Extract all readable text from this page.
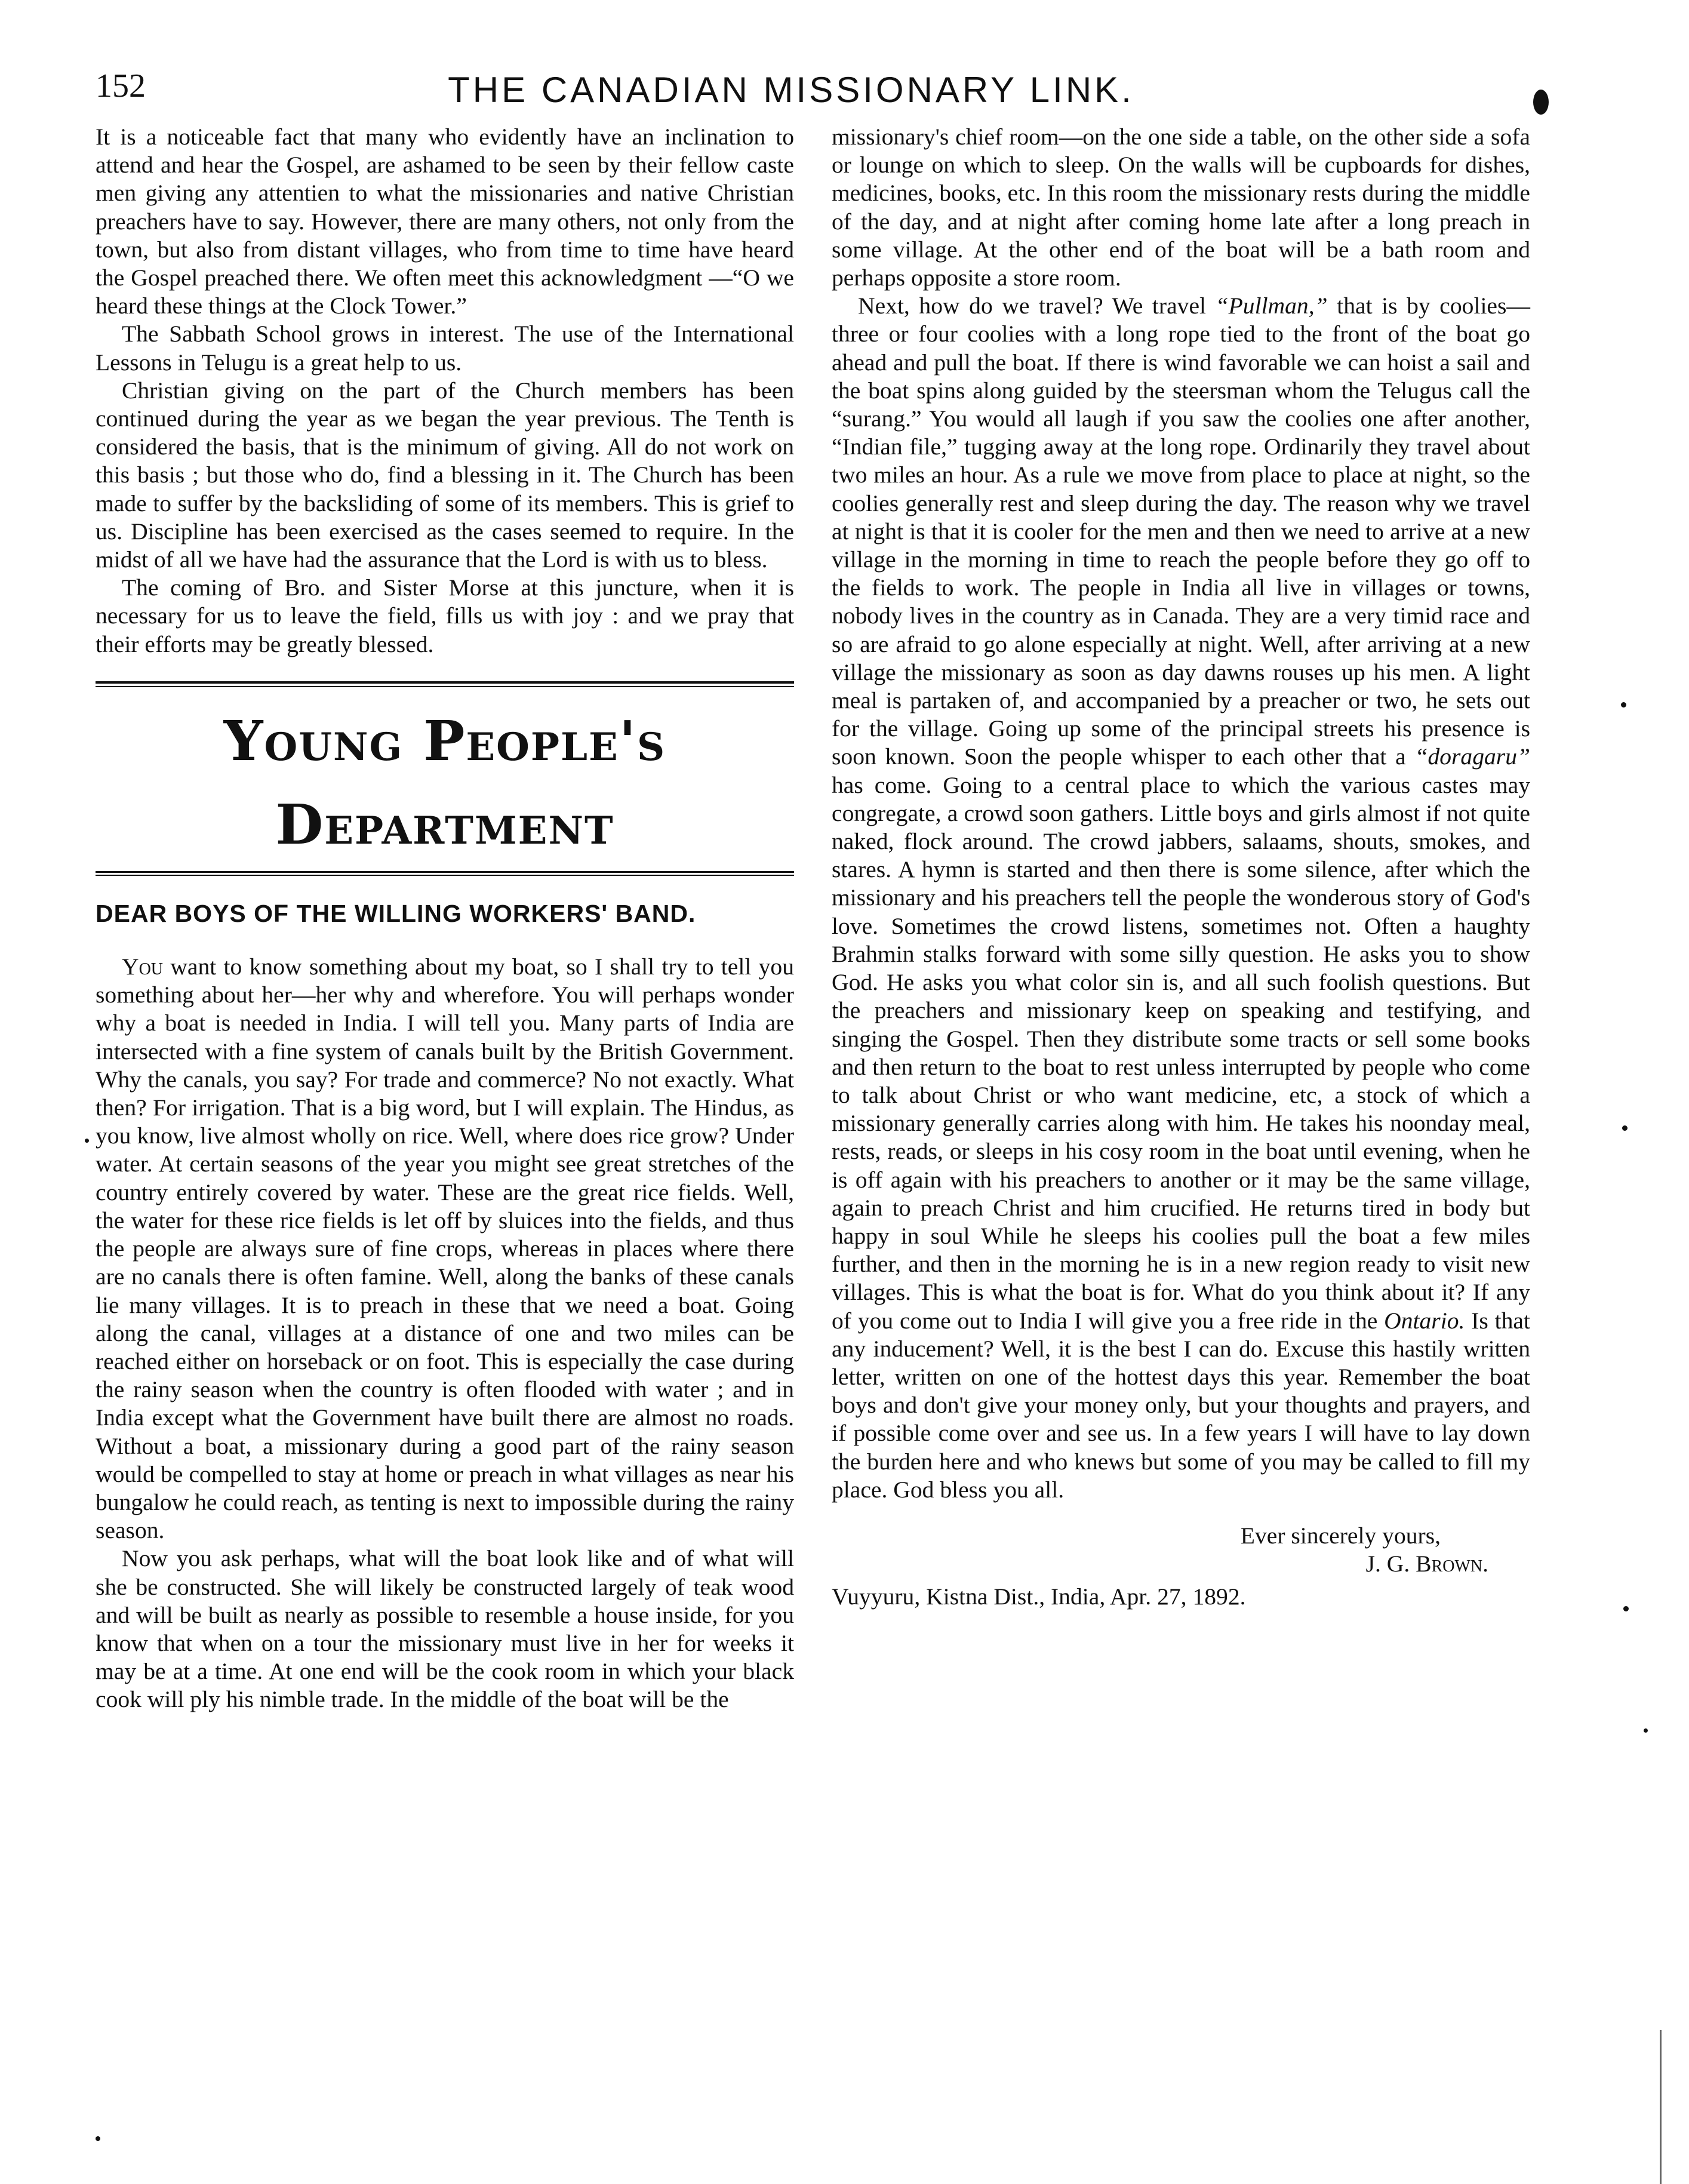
152	THE CANADIAN MISSIONARY LINK.

It is a noticeable fact that many who evidently have an inclination to attend and hear the Gospel, are ashamed to be seen by their fellow caste men giving any attentien to what the missionaries and native Christian preachers have to say. However, there are many others, not only from the town, but also from distant villages, who from time to time have heard the Gospel preached there. We often meet this acknowledgment —“O we heard these things at the Clock Tower.”

The Sabbath School grows in interest. The use of the International Lessons in Telugu is a great help to us.

Christian giving on the part of the Church members has been continued during the year as we began the year previous. The Tenth is considered the basis, that is the minimum of giving. All do not work on this basis ; but those who do, find a blessing in it. The Church has been made to suffer by the backsliding of some of its members. This is grief to us. Discipline has been exercised as the cases seemed to require. In the midst of all we have had the assurance that the Lord is with us to bless.

The coming of Bro. and Sister Morse at this juncture, when it is necessary for us to leave the field, fills us with joy : and we pray that their efforts may be greatly blessed.

Young People's Department
DEAR BOYS OF THE WILLING WORKERS' BAND.

You want to know something about my boat, so I shall try to tell you something about her—her why and wherefore. You will perhaps wonder why a boat is needed in India. I will tell you. Many parts of India are intersected with a fine system of canals built by the British Government. Why the canals, you say? For trade and commerce? No not exactly. What then? For irrigation. That is a big word, but I will explain. The Hindus, as you know, live almost wholly on rice. Well, where does rice grow? Under water. At certain seasons of the year you might see great stretches of the country entirely covered by water. These are the great rice fields. Well, the water for these rice fields is let off by sluices into the fields, and thus the people are always sure of fine crops, whereas in places where there are no canals there is often famine. Well, along the banks of these canals lie many villages. It is to preach in these that we need a boat. Going along the canal, villages at a distance of one and two miles can be reached either on horseback or on foot. This is especially the case during the rainy season when the country is often flooded with water ; and in India except what the Government have built there are almost no roads. Without a boat, a missionary during a good part of the rainy season would be compelled to stay at home or preach in what villages as near his bungalow he could reach, as tenting is next to impossible during the rainy season.

Now you ask perhaps, what will the boat look like and of what will she be constructed. She will likely be constructed largely of teak wood and will be built as nearly as possible to resemble a house inside, for you know that when on a tour the missionary must live in her for weeks it may be at a time. At one end will be the cook room in which your black cook will ply his nimble trade. In the middle of the boat will be the

missionary's chief room—on the one side a table, on the other side a sofa or lounge on which to sleep. On the walls will be cupboards for dishes, medicines, books, etc. In this room the missionary rests during the middle of the day, and at night after coming home late after a long preach in some village. At the other end of the boat will be a bath room and perhaps opposite a store room.

Next, how do we travel? We travel “Pullman,” that is by coolies—three or four coolies with a long rope tied to the front of the boat go ahead and pull the boat. If there is wind favorable we can hoist a sail and the boat spins along guided by the steersman whom the Telugus call the “surang.” You would all laugh if you saw the coolies one after another, “Indian file,” tugging away at the long rope. Ordinarily they travel about two miles an hour. As a rule we move from place to place at night, so the coolies generally rest and sleep during the day. The reason why we travel at night is that it is cooler for the men and then we need to arrive at a new village in the morning in time to reach the people before they go off to the fields to work. The people in India all live in villages or towns, nobody lives in the country as in Canada. They are a very timid race and so are afraid to go alone especially at night. Well, after arriving at a new village the missionary as soon as day dawns rouses up his men. A light meal is partaken of, and accompanied by a preacher or two, he sets out for the village. Going up some of the principal streets his presence is soon known. Soon the people whisper to each other that a “doragaru” has come. Going to a central place to which the various castes may congregate, a crowd soon gathers. Little boys and girls almost if not quite naked, flock around. The crowd jabbers, salaams, shouts, smokes, and stares. A hymn is started and then there is some silence, after which the missionary and his preachers tell the people the wonderous story of God's love. Sometimes the crowd listens, sometimes not. Often a haughty Brahmin stalks forward with some silly question. He asks you to show God. He asks you what color sin is, and all such foolish questions. But the preachers and missionary keep on speaking and testifying, and singing the Gospel. Then they distribute some tracts or sell some books and then return to the boat to rest unless interrupted by people who come to talk about Christ or who want medicine, etc, a stock of which a missionary generally carries along with him. He takes his noonday meal, rests, reads, or sleeps in his cosy room in the boat until evening, when he is off again with his preachers to another or it may be the same village, again to preach Christ and him crucified. He returns tired in body but happy in soul While he sleeps his coolies pull the boat a few miles further, and then in the morning he is in a new region ready to visit new villages. This is what the boat is for. What do you think about it? If any of you come out to India I will give you a free ride in the Ontario. Is that any inducement? Well, it is the best I can do. Excuse this hastily written letter, written on one of the hottest days this year. Remember the boat boys and don't give your money only, but your thoughts and prayers, and if possible come over and see us. In a few years I will have to lay down the burden here and who knews but some of you may be called to fill my place. God bless you all.

Ever sincerely yours,
J. G. Brown.
Vuyyuru, Kistna Dist., India, Apr. 27, 1892.
